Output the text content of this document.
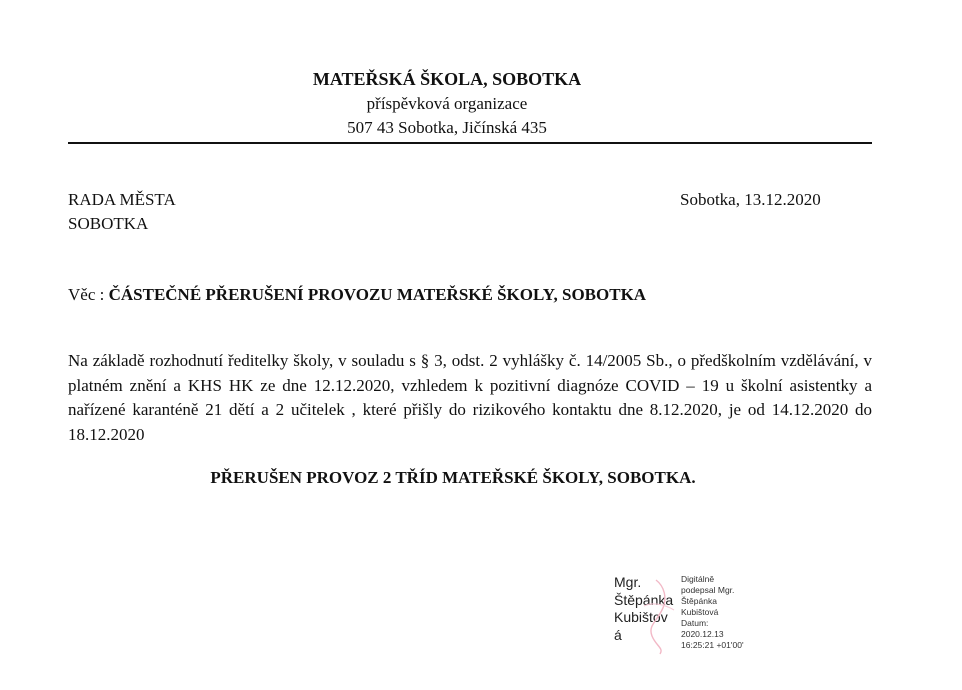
MATEŘSKÁ ŠKOLA, SOBOTKA
příspěvková organizace
507 43 Sobotka, Jičínská 435
RADA MĚSTA
SOBOTKA
Sobotka, 13.12.2020
Věc : ČÁSTEČNÉ PŘERUŠENÍ PROVOZU MATEŘSKÉ ŠKOLY, SOBOTKA
Na základě rozhodnutí ředitelky školy, v souladu s § 3, odst. 2 vyhlášky č. 14/2005 Sb., o předškolním vzdělávání, v platném znění a KHS HK ze dne 12.12.2020, vzhledem k pozitivní diagnóze COVID – 19 u školní asistentky a nařízené karanténě 21 dětí a 2 učitelek , které přišly do rizikového kontaktu dne 8.12.2020, je od 14.12.2020 do 18.12.2020
PŘERUŠEN PROVOZ 2 TŘÍD MATEŘSKÉ ŠKOLY, SOBOTKA.
Mgr.
Štěpánka
Kubištov
á
Digitálně
podepsal Mgr.
Štěpánka
Kubištová
Datum:
2020.12.13
16:25:21 +01'00'
